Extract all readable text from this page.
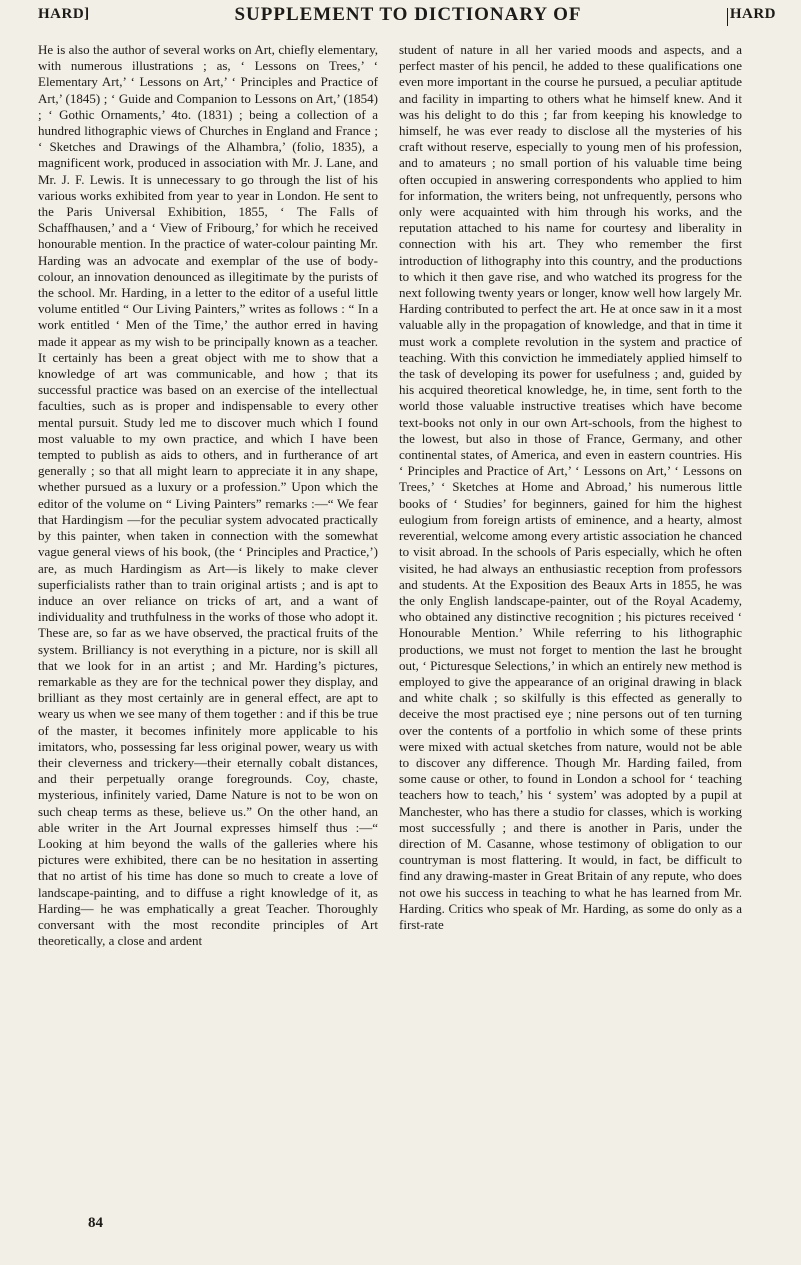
HARD]	SUPPLEMENT TO DICTIONARY OF	HARD

He is also the author of several works on Art, chiefly elementary, with numerous illustrations ; as, ‘ Lessons on Trees,’ ‘ Elementary Art,’ ‘ Lessons on Art,’ ‘ Principles and Practice of Art,’ (1845) ; ‘ Guide and Companion to Lessons on Art,’ (1854) ; ‘ Gothic Ornaments,’ 4to. (1831) ; being a collection of a hundred lithographic views of Churches in England and France ; ‘ Sketches and Drawings of the Alhambra,’ (folio, 1835), a magnificent work, produced in association with Mr. J. Lane, and Mr. J. F. Lewis. It is unnecessary to go through the list of his various works exhibited from year to year in London. He sent to the Paris Universal Exhibition, 1855, ‘ The Falls of Schaffhausen,’ and a ‘ View of Fribourg,’ for which he received honourable mention. In the practice of water-colour painting Mr. Harding was an advocate and exemplar of the use of body-colour, an innovation denounced as illegitimate by the purists of the school. Mr. Harding, in a letter to the editor of a useful little volume entitled “ Our Living Painters,” writes as follows : “ In a work entitled ‘ Men of the Time,’ the author erred in having made it appear as my wish to be principally known as a teacher. It certainly has been a great object with me to show that a knowledge of art was communicable, and how ; that its successful practice was based on an exercise of the intellectual faculties, such as is proper and indispensable to every other mental pursuit. Study led me to discover much which I found most valuable to my own practice, and which I have been tempted to publish as aids to others, and in furtherance of art generally ; so that all might learn to appreciate it in any shape, whether pursued as a luxury or a profession.” Upon which the editor of the volume on “ Living Painters” remarks :—“ We fear that Hardingism —for the peculiar system advocated practically by this painter, when taken in connection with the somewhat vague general views of his book, (the ‘ Principles and Practice,’) are, as much Hardingism as Art—is likely to make clever superficialists rather than to train original artists ; and is apt to induce an over reliance on tricks of art, and a want of individuality and truthfulness in the works of those who adopt it. These are, so far as we have observed, the practical fruits of the system. Brilliancy is not everything in a picture, nor is skill all that we look for in an artist ; and Mr. Harding’s pictures, remarkable as they are for the technical power they display, and brilliant as they most certainly are in general effect, are apt to weary us when we see many of them together : and if this be true of the master, it becomes infinitely more applicable to his imitators, who, possessing far less original power, weary us with their cleverness and trickery—their eternally cobalt distances, and their perpetually orange foregrounds. Coy, chaste, mysterious, infinitely varied, Dame Nature is not to be won on such cheap terms as these, believe us.” On the other hand, an able writer in the Art Journal expresses himself thus :—“ Looking at him beyond the walls of the galleries where his pictures were exhibited, there can be no hesitation in asserting that no artist of his time has done so much to create a love of landscape-painting, and to diffuse a right knowledge of it, as Harding— he was emphatically a great Teacher. Thoroughly conversant with the most recondite principles of Art theoretically, a close and ardent

student of nature in all her varied moods and aspects, and a perfect master of his pencil, he added to these qualifications one even more important in the course he pursued, a peculiar aptitude and facility in imparting to others what he himself knew. And it was his delight to do this ; far from keeping his knowledge to himself, he was ever ready to disclose all the mysteries of his craft without reserve, especially to young men of his profession, and to amateurs ; no small portion of his valuable time being often occupied in answering correspondents who applied to him for information, the writers being, not unfrequently, persons who only were acquainted with him through his works, and the reputation attached to his name for courtesy and liberality in connection with his art. They who remember the first introduction of lithography into this country, and the productions to which it then gave rise, and who watched its progress for the next following twenty years or longer, know well how largely Mr. Harding contributed to perfect the art. He at once saw in it a most valuable ally in the propagation of knowledge, and that in time it must work a complete revolution in the system and practice of teaching. With this conviction he immediately applied himself to the task of developing its power for usefulness ; and, guided by his acquired theoretical knowledge, he, in time, sent forth to the world those valuable instructive treatises which have become text-books not only in our own Art-schools, from the highest to the lowest, but also in those of France, Germany, and other continental states, of America, and even in eastern countries. His ‘ Principles and Practice of Art,’ ‘ Lessons on Art,’ ‘ Lessons on Trees,’ ‘ Sketches at Home and Abroad,’ his numerous little books of ‘ Studies’ for beginners, gained for him the highest eulogium from foreign artists of eminence, and a hearty, almost reverential, welcome among every artistic association he chanced to visit abroad. In the schools of Paris especially, which he often visited, he had always an enthusiastic reception from professors and students. At the Exposition des Beaux Arts in 1855, he was the only English landscape-painter, out of the Royal Academy, who obtained any distinctive recognition ; his pictures received ‘ Honourable Mention.’ While referring to his lithographic productions, we must not forget to mention the last he brought out, ‘ Picturesque Selections,’ in which an entirely new method is employed to give the appearance of an original drawing in black and white chalk ; so skilfully is this effected as generally to deceive the most practised eye ; nine persons out of ten turning over the contents of a portfolio in which some of these prints were mixed with actual sketches from nature, would not be able to discover any difference. Though Mr. Harding failed, from some cause or other, to found in London a school for ‘ teaching teachers how to teach,’ his ‘ system’ was adopted by a pupil at Manchester, who has there a studio for classes, which is working most successfully ; and there is another in Paris, under the direction of M. Casanne, whose testimony of obligation to our countryman is most flattering. It would, in fact, be difficult to find any drawing-master in Great Britain of any repute, who does not owe his success in teaching to what he has learned from Mr. Harding. Critics who speak of Mr. Harding, as some do only as a first-rate

84
